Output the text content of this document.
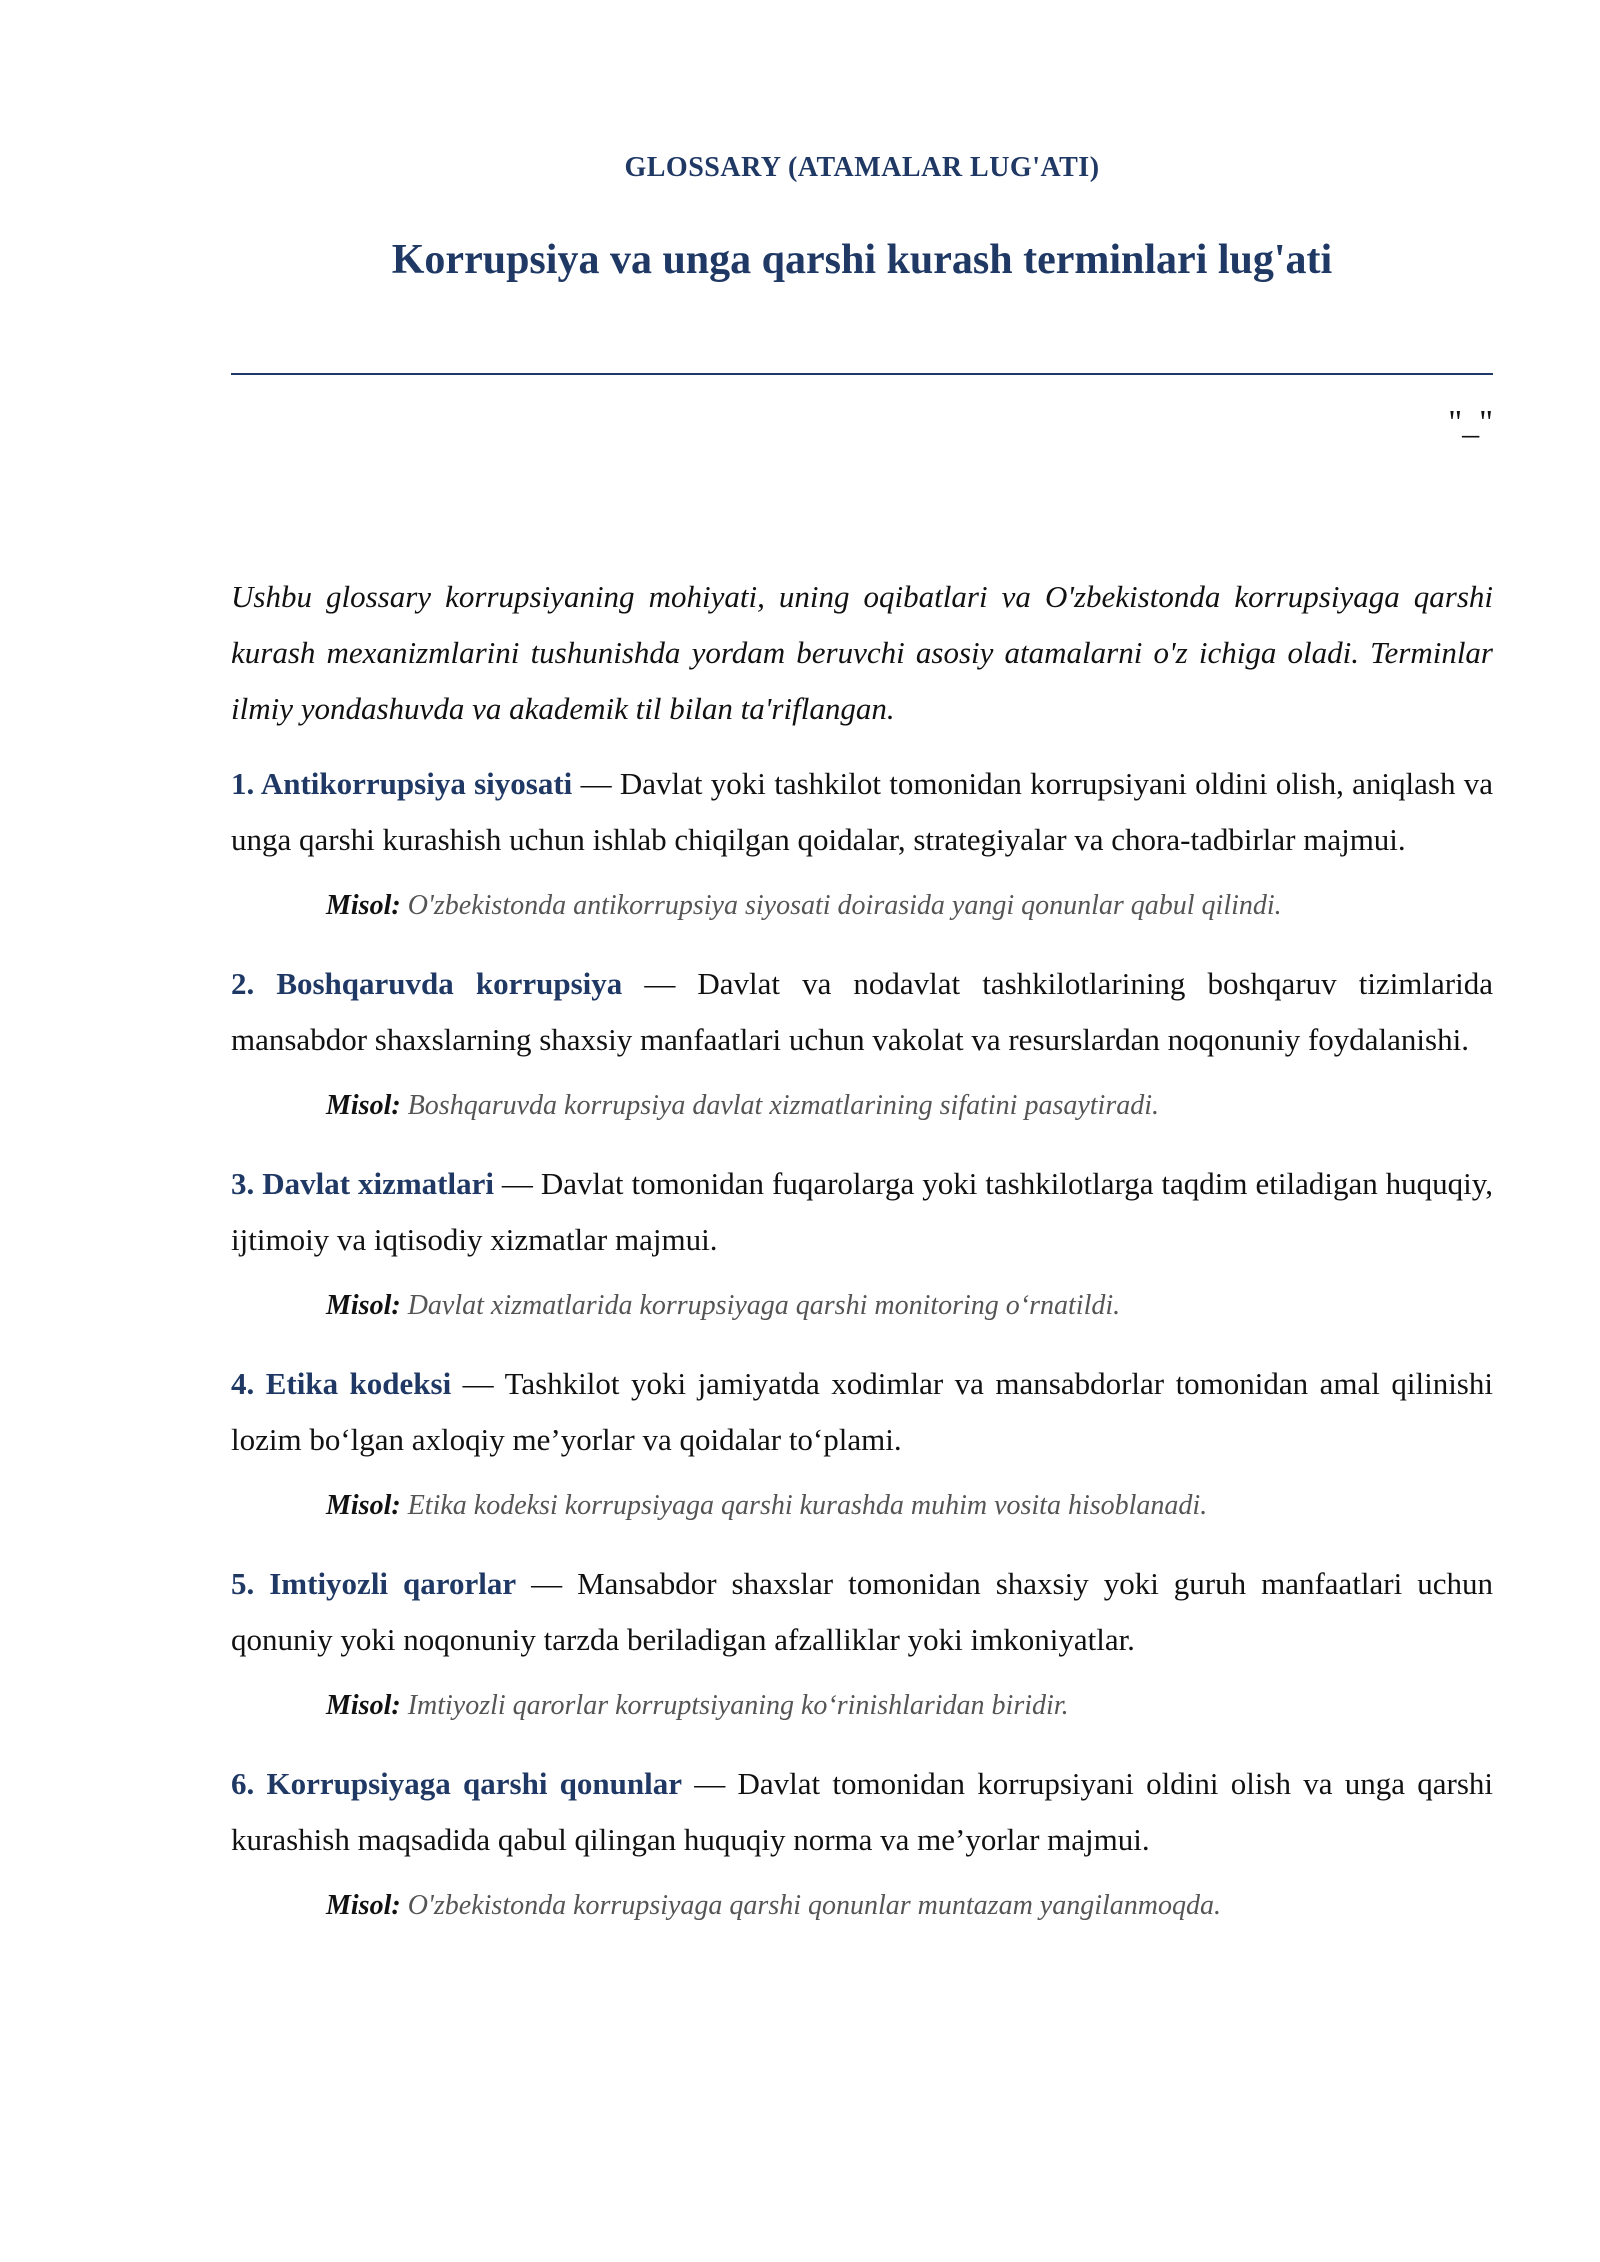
GLOSSARY (ATAMALAR LUG'ATI)
Korrupsiya va unga qarshi kurash terminlari lug'ati
"_"

Ushbu glossary korrupsiyaning mohiyati, uning oqibatlari va O'zbekistonda korrupsiyaga qarshi kurash mexanizmlarini tushunishda yordam beruvchi asosiy atamalarni o'z ichiga oladi. Terminlar ilmiy yondashuvda va akademik til bilan ta'riflangan.

1. Antikorrupsiya siyosati — Davlat yoki tashkilot tomonidan korrupsiyani oldini olish, aniqlash va unga qarshi kurashish uchun ishlab chiqilgan qoidalar, strategiyalar va chora-tadbirlar majmui.

Misol: O'zbekistonda antikorrupsiya siyosati doirasida yangi qonunlar qabul qilindi.

2. Boshqaruvda korrupsiya — Davlat va nodavlat tashkilotlarining boshqaruv tizimlarida mansabdor shaxslarning shaxsiy manfaatlari uchun vakolat va resurslardan noqonuniy foydalanishi.

Misol: Boshqaruvda korrupsiya davlat xizmatlarining sifatini pasaytiradi.

3. Davlat xizmatlari — Davlat tomonidan fuqarolarga yoki tashkilotlarga taqdim etiladigan huquqiy, ijtimoiy va iqtisodiy xizmatlar majmui.

Misol: Davlat xizmatlarida korrupsiyaga qarshi monitoring o‘rnatildi.

4. Etika kodeksi — Tashkilot yoki jamiyatda xodimlar va mansabdorlar tomonidan amal qilinishi lozim bo‘lgan axloqiy me’yorlar va qoidalar to‘plami.

Misol: Etika kodeksi korrupsiyaga qarshi kurashda muhim vosita hisoblanadi.

5. Imtiyozli qarorlar — Mansabdor shaxslar tomonidan shaxsiy yoki guruh manfaatlari uchun qonuniy yoki noqonuniy tarzda beriladigan afzalliklar yoki imkoniyatlar.

Misol: Imtiyozli qarorlar korruptsiyaning ko‘rinishlaridan biridir.

6. Korrupsiyaga qarshi qonunlar — Davlat tomonidan korrupsiyani oldini olish va unga qarshi kurashish maqsadida qabul qilingan huquqiy norma va me’yorlar majmui.

Misol: O'zbekistonda korrupsiyaga qarshi qonunlar muntazam yangilanmoqda.
